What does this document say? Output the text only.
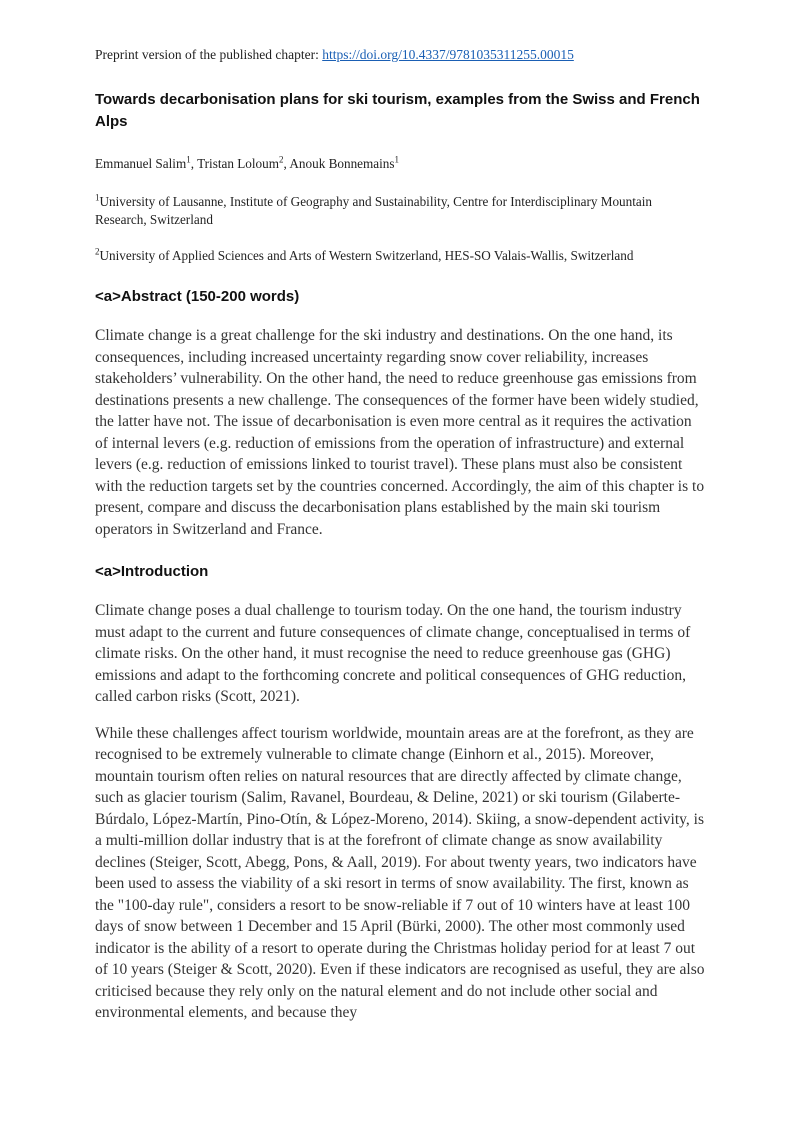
Preprint version of the published chapter: https://doi.org/10.4337/9781035311255.00015
Towards decarbonisation plans for ski tourism, examples from the Swiss and French Alps
Emmanuel Salim$^1$, Tristan Loloum$^2$, Anouk Bonnemains$^1$
$^1$University of Lausanne, Institute of Geography and Sustainability, Centre for Interdisciplinary Mountain Research, Switzerland
$^2$University of Applied Sciences and Arts of Western Switzerland, HES-SO Valais-Wallis, Switzerland
<a>Abstract (150-200 words)
Climate change is a great challenge for the ski industry and destinations. On the one hand, its consequences, including increased uncertainty regarding snow cover reliability, increases stakeholders’ vulnerability. On the other hand, the need to reduce greenhouse gas emissions from destinations presents a new challenge. The consequences of the former have been widely studied, the latter have not. The issue of decarbonisation is even more central as it requires the activation of internal levers (e.g. reduction of emissions from the operation of infrastructure) and external levers (e.g. reduction of emissions linked to tourist travel). These plans must also be consistent with the reduction targets set by the countries concerned. Accordingly, the aim of this chapter is to present, compare and discuss the decarbonisation plans established by the main ski tourism operators in Switzerland and France.
<a>Introduction
Climate change poses a dual challenge to tourism today. On the one hand, the tourism industry must adapt to the current and future consequences of climate change, conceptualised in terms of climate risks. On the other hand, it must recognise the need to reduce greenhouse gas (GHG) emissions and adapt to the forthcoming concrete and political consequences of GHG reduction, called carbon risks (Scott, 2021).
While these challenges affect tourism worldwide, mountain areas are at the forefront, as they are recognised to be extremely vulnerable to climate change (Einhorn et al., 2015). Moreover, mountain tourism often relies on natural resources that are directly affected by climate change, such as glacier tourism (Salim, Ravanel, Bourdeau, & Deline, 2021) or ski tourism (Gilaberte-Búrdalo, López-Martín, Pino-Otín, & López-Moreno, 2014). Skiing, a snow-dependent activity, is a multi-million dollar industry that is at the forefront of climate change as snow availability declines (Steiger, Scott, Abegg, Pons, & Aall, 2019). For about twenty years, two indicators have been used to assess the viability of a ski resort in terms of snow availability. The first, known as the "100-day rule", considers a resort to be snow-reliable if 7 out of 10 winters have at least 100 days of snow between 1 December and 15 April (Bürki, 2000). The other most commonly used indicator is the ability of a resort to operate during the Christmas holiday period for at least 7 out of 10 years (Steiger & Scott, 2020). Even if these indicators are recognised as useful, they are also criticised because they rely only on the natural element and do not include other social and environmental elements, and because they
